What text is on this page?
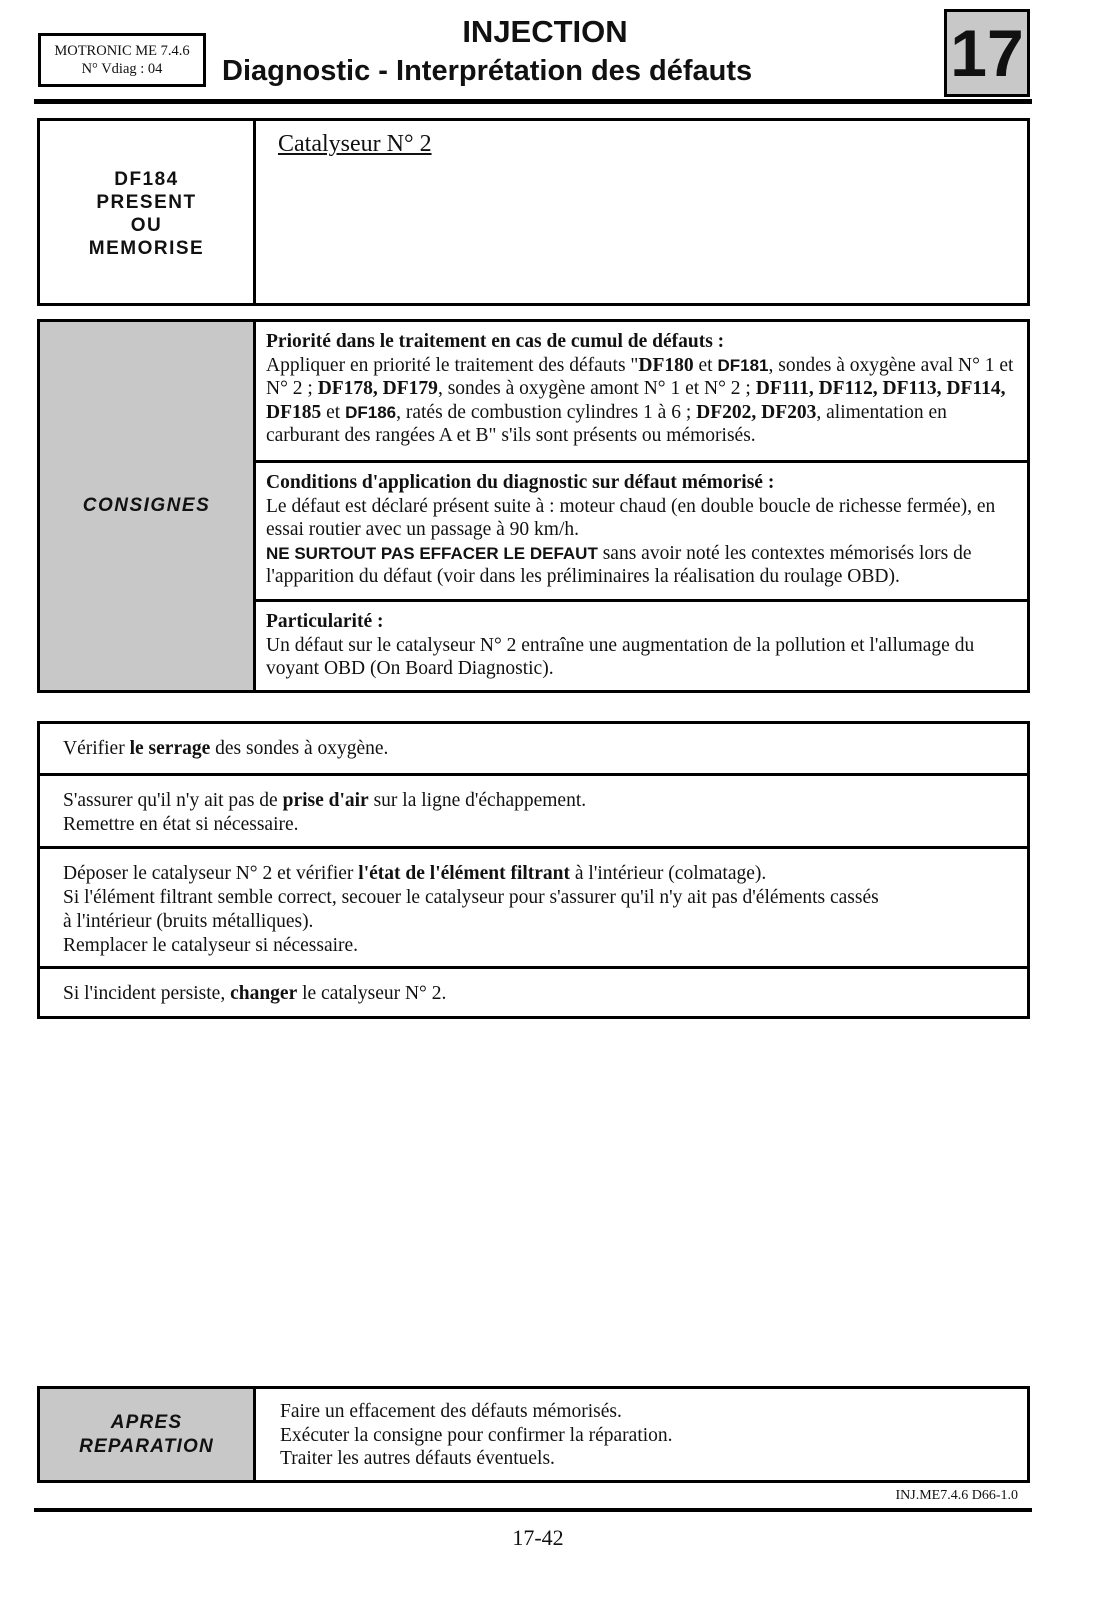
MOTRONIC ME 7.4.6
N° Vdiag : 04
INJECTION
Diagnostic - Interprétation des défauts	17
DF184
PRESENT
OU
MEMORISE
Catalyseur N° 2
CONSIGNES
Priorité dans le traitement en cas de cumul de défauts :
Appliquer en priorité le traitement des défauts "DF180 et DF181, sondes à oxygène aval N° 1 et N° 2 ; DF178, DF179, sondes à oxygène amont N° 1 et N° 2 ; DF111, DF112, DF113, DF114, DF185 et DF186, ratés de combustion cylindres 1 à 6 ; DF202, DF203, alimentation en carburant des rangées A et B" s'ils sont présents ou mémorisés.
Conditions d'application du diagnostic sur défaut mémorisé :
Le défaut est déclaré présent suite à : moteur chaud (en double boucle de richesse fermée), en essai routier avec un passage à 90 km/h.
NE SURTOUT PAS EFFACER LE DEFAUT sans avoir noté les contextes mémorisés lors de l'apparition du défaut (voir dans les préliminaires la réalisation du roulage OBD).
Particularité :
Un défaut sur le catalyseur N° 2 entraîne une augmentation de la pollution et l'allumage du voyant OBD (On Board Diagnostic).
Vérifier le serrage des sondes à oxygène.
S'assurer qu'il n'y ait pas de prise d'air sur la ligne d'échappement.
Remettre en état si nécessaire.
Déposer le catalyseur N° 2 et vérifier l'état de l'élément filtrant à l'intérieur (colmatage).
Si l'élément filtrant semble correct, secouer le catalyseur pour s'assurer qu'il n'y ait pas d'éléments cassés
à l'intérieur (bruits métalliques).
Remplacer le catalyseur si nécessaire.
Si l'incident persiste, changer le catalyseur N° 2.
APRES
REPARATION
Faire un effacement des défauts mémorisés.
Exécuter la consigne pour confirmer la réparation.
Traiter les autres défauts éventuels.
INJ.ME7.4.6 D66-1.0
17-42
